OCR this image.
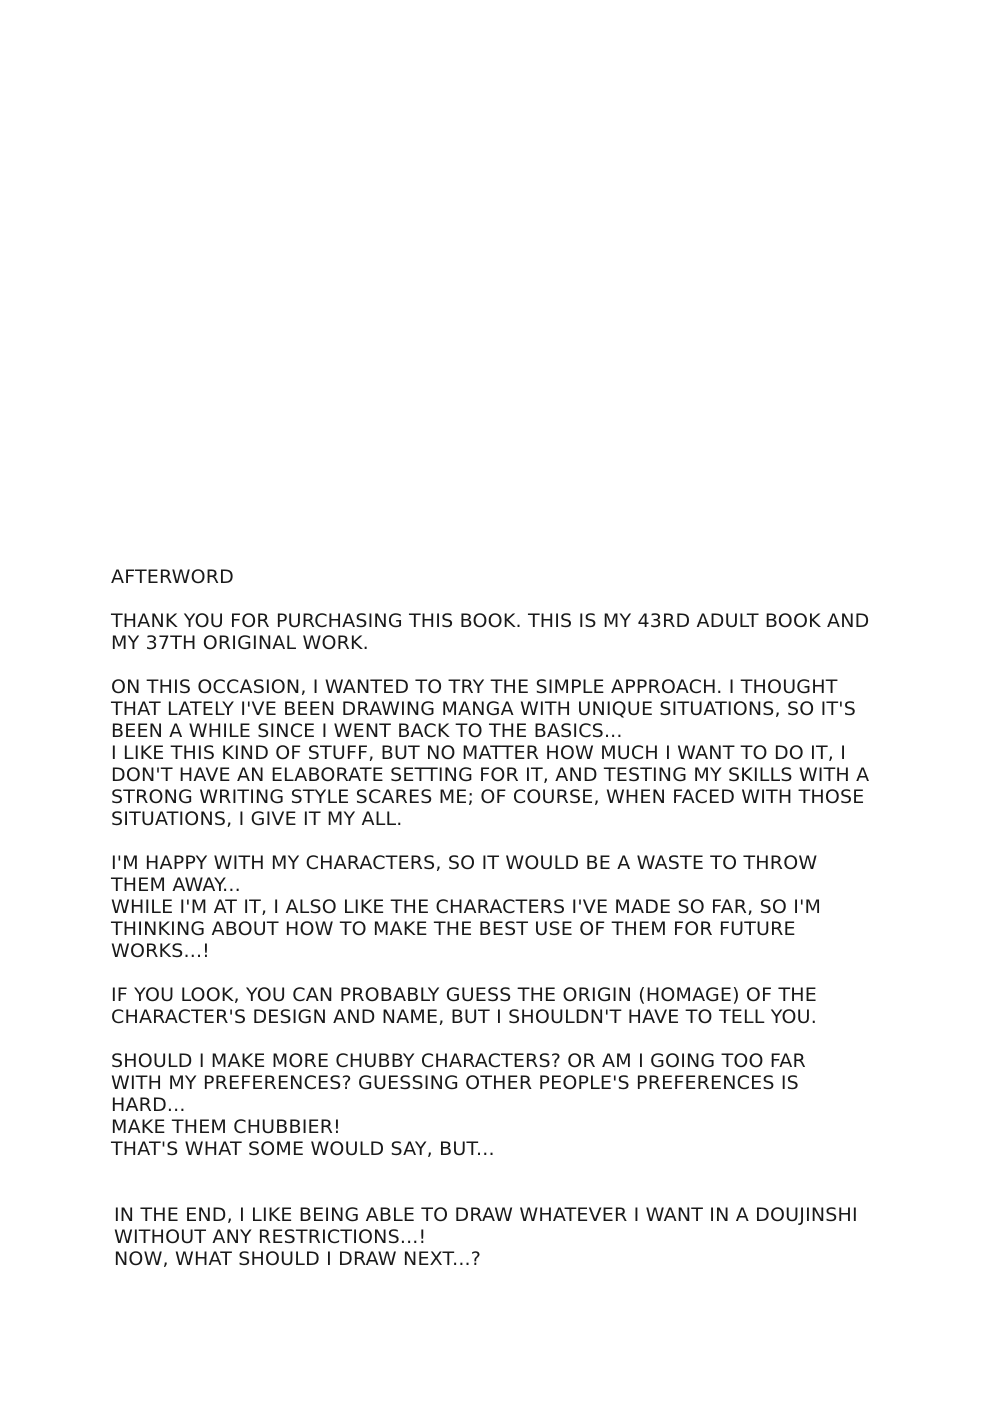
AFTERWORD
THANK YOU FOR PURCHASING THIS BOOK. THIS IS MY 43RD ADULT BOOK AND
MY 37TH ORIGINAL WORK.
ON THIS OCCASION, I WANTED TO TRY THE SIMPLE APPROACH. I THOUGHT
THAT LATELY I'VE BEEN DRAWING MANGA WITH UNIQUE SITUATIONS, SO IT'S
BEEN A WHILE SINCE I WENT BACK TO THE BASICS...
I LIKE THIS KIND OF STUFF, BUT NO MATTER HOW MUCH I WANT TO DO IT, I
DON'T HAVE AN ELABORATE SETTING FOR IT, AND TESTING MY SKILLS WITH A
STRONG WRITING STYLE SCARES ME; OF COURSE, WHEN FACED WITH THOSE
SITUATIONS, I GIVE IT MY ALL.
I'M HAPPY WITH MY CHARACTERS, SO IT WOULD BE A WASTE TO THROW
THEM AWAY...
WHILE I'M AT IT, I ALSO LIKE THE CHARACTERS I'VE MADE SO FAR, SO I'M
THINKING ABOUT HOW TO MAKE THE BEST USE OF THEM FOR FUTURE
WORKS...!
IF YOU LOOK, YOU CAN PROBABLY GUESS THE ORIGIN (HOMAGE) OF THE
CHARACTER'S DESIGN AND NAME, BUT I SHOULDN'T HAVE TO TELL YOU.
SHOULD I MAKE MORE CHUBBY CHARACTERS? OR AM I GOING TOO FAR
WITH MY PREFERENCES? GUESSING OTHER PEOPLE'S PREFERENCES IS
HARD...
MAKE THEM CHUBBIER!
THAT'S WHAT SOME WOULD SAY, BUT...
IN THE END, I LIKE BEING ABLE TO DRAW WHATEVER I WANT IN A DOUJINSHI
WITHOUT ANY RESTRICTIONS...!
NOW, WHAT SHOULD I DRAW NEXT...?
